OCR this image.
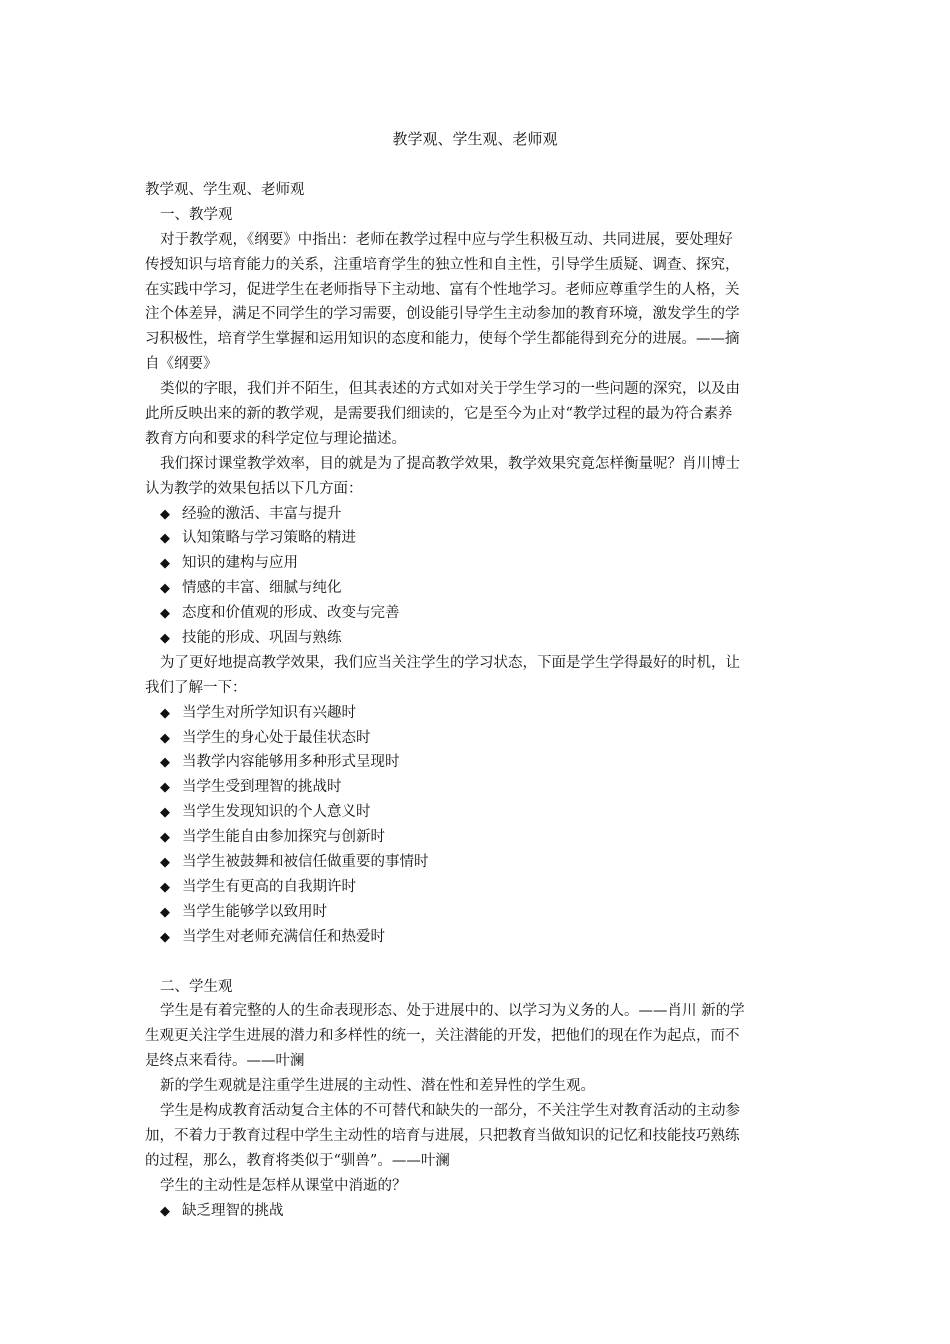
教学观、学生观、老师观
教学观、学生观、老师观
一、教学观
对于教学观，《纲要》中指出：老师在教学过程中应与学生积极互动、共同进展，要处理好
传授知识与培育能力的关系，注重培育学生的独立性和自主性，引导学生质疑、调查、探究，
在实践中学习，促进学生在老师指导下主动地、富有个性地学习。老师应尊重学生的人格，关
注个体差异，满足不同学生的学习需要，创设能引导学生主动参加的教育环境，激发学生的学
习积极性，培育学生掌握和运用知识的态度和能力，使每个学生都能得到充分的进展。——摘
自《纲要》
类似的字眼，我们并不陌生，但其表述的方式如对关于学生学习的一些问题的深究，以及由
此所反映出来的新的教学观，是需要我们细读的，它是至今为止对“教学过程的最为符合素养
教育方向和要求的科学定位与理论描述。
我们探讨课堂教学效率，目的就是为了提高教学效果，教学效果究竟怎样衡量呢？肖川博士
认为教学的效果包括以下几方面：
◆ 经验的激活、丰富与提升
◆ 认知策略与学习策略的精进
◆ 知识的建构与应用
◆ 情感的丰富、细腻与纯化
◆ 态度和价值观的形成、改变与完善
◆ 技能的形成、巩固与熟练
为了更好地提高教学效果，我们应当关注学生的学习状态，下面是学生学得最好的时机，让
我们了解一下：
◆ 当学生对所学知识有兴趣时
◆ 当学生的身心处于最佳状态时
◆ 当教学内容能够用多种形式呈现时
◆ 当学生受到理智的挑战时
◆ 当学生发现知识的个人意义时
◆ 当学生能自由参加探究与创新时
◆ 当学生被鼓舞和被信任做重要的事情时
◆ 当学生有更高的自我期许时
◆ 当学生能够学以致用时
◆ 当学生对老师充满信任和热爱时
二、学生观
学生是有着完整的人的生命表现形态、处于进展中的、以学习为义务的人。——肖川 新的学
生观更关注学生进展的潜力和多样性的统一，关注潜能的开发，把他们的现在作为起点，而不
是终点来看待。——叶澜
新的学生观就是注重学生进展的主动性、潜在性和差异性的学生观。
学生是构成教育活动复合主体的不可替代和缺失的一部分，不关注学生对教育活动的主动参
加，不着力于教育过程中学生主动性的培育与进展，只把教育当做知识的记忆和技能技巧熟练
的过程，那么，教育将类似于“驯兽”。——叶澜
学生的主动性是怎样从课堂中消逝的？
◆ 缺乏理智的挑战
